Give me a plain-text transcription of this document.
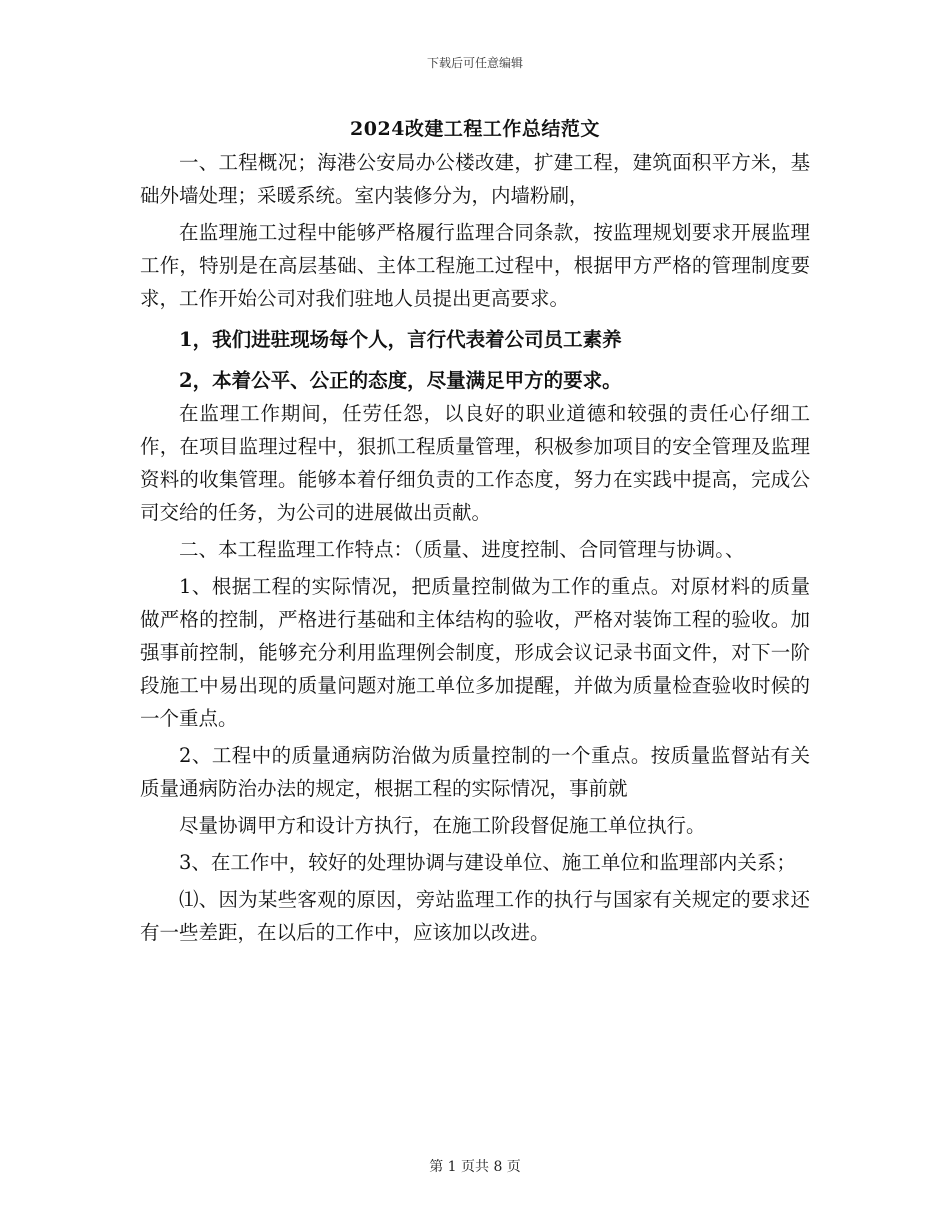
下载后可任意编辑
2024改建工程工作总结范文

一、工程概况；海港公安局办公楼改建，扩建工程，建筑面积平方米，基础外墙处理；采暖系统。室内装修分为，内墙粉刷，

在监理施工过程中能够严格履行监理合同条款，按监理规划要求开展监理工作，特别是在高层基础、主体工程施工过程中，根据甲方严格的管理制度要求，工作开始公司对我们驻地人员提出更高要求。

1，我们进驻现场每个人，言行代表着公司员工素养

2，本着公平、公正的态度，尽量满足甲方的要求。

在监理工作期间，任劳任怨，以良好的职业道德和较强的责任心仔细工作，在项目监理过程中，狠抓工程质量管理，积极参加项目的安全管理及监理资料的收集管理。能够本着仔细负责的工作态度，努力在实践中提高，完成公司交给的任务，为公司的进展做出贡献。

二、本工程监理工作特点：（质量、进度控制、合同管理与协调。、

1、根据工程的实际情况，把质量控制做为工作的重点。对原材料的质量做严格的控制，严格进行基础和主体结构的验收，严格对装饰工程的验收。加强事前控制，能够充分利用监理例会制度，形成会议记录书面文件，对下一阶段施工中易出现的质量问题对施工单位多加提醒，并做为质量检查验收时候的一个重点。

2、工程中的质量通病防治做为质量控制的一个重点。按质量监督站有关质量通病防治办法的规定，根据工程的实际情况，事前就

尽量协调甲方和设计方执行，在施工阶段督促施工单位执行。

3、在工作中，较好的处理协调与建设单位、施工单位和监理部内关系；

⑴、因为某些客观的原因，旁站监理工作的执行与国家有关规定的要求还有一些差距，在以后的工作中，应该加以改进。

第 1 页共 8 页
